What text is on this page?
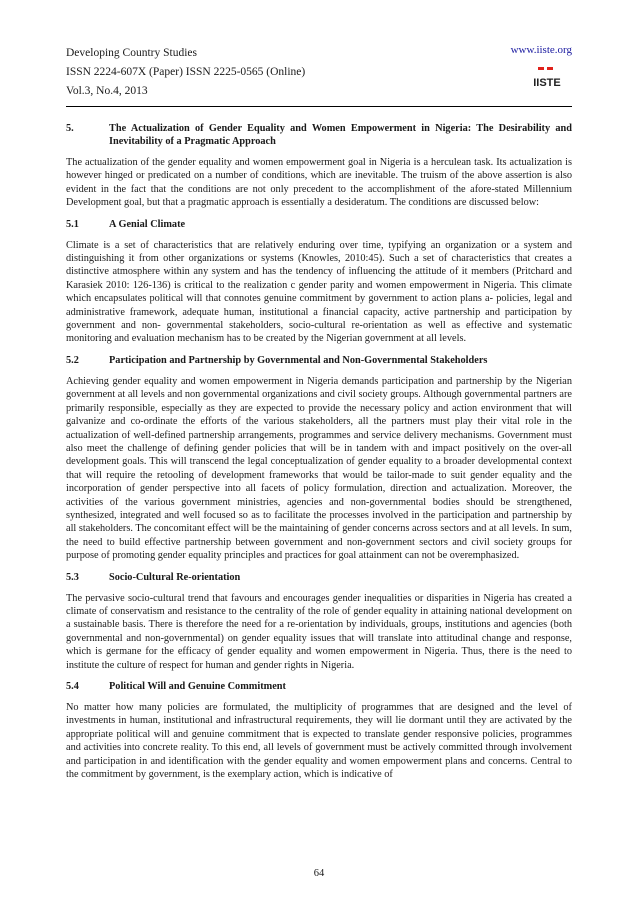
Developing Country Studies
ISSN 2224-607X (Paper) ISSN 2225-0565 (Online)
Vol.3, No.4, 2013
www.iiste.org
IISTE
5.	The Actualization of Gender Equality and Women Empowerment in Nigeria: The Desirability and Inevitability of a Pragmatic Approach

The actualization of the gender equality and women empowerment goal in Nigeria is a herculean task. Its actualization is however hinged or predicated on a number of conditions, which are inevitable. The truism of the above assertion is also evident in the fact that the conditions are not only precedent to the accomplishment of the afore-stated Millennium Development goal, but that a pragmatic approach is essentially a desideratum. The conditions are discussed below:

5.1	A Genial Climate

Climate is a set of characteristics that are relatively enduring over time, typifying an organization or a system and distinguishing it from other organizations or systems (Knowles, 2010:45). Such a set of characteristics that creates a distinctive atmosphere within any system and has the tendency of influencing the attitude of it members (Pritchard and Karasiek 2010: 126-136) is critical to the realization c gender parity and women empowerment in Nigeria. This climate which encapsulates political will that connotes genuine commitment by government to action plans a- policies, legal and administrative framework, adequate human, institutional a financial capacity, active partnership and participation by government and non- governmental stakeholders, socio-cultural re-orientation as well as effective and systematic monitoring and evaluation mechanism has to be created by the Nigerian government at all levels.

5.2	Participation and Partnership by Governmental and Non-Governmental Stakeholders

Achieving gender equality and women empowerment in Nigeria demands participation and partnership by the Nigerian government at all levels and non governmental organizations and civil society groups. Although governmental partners are primarily responsible, especially as they are expected to provide the necessary policy and action environment that will galvanize and co-ordinate the efforts of the various stakeholders, all the partners must play their vital role in the actualization of well-defined partnership arrangements, programmes and service delivery mechanisms. Government must also meet the challenge of defining gender policies that will be in tandem with and impact positively on the over-all development goals. This will transcend the legal conceptualization of gender equality to a broader developmental context that will require the retooling of development frameworks that would be tailor-made to suit gender equality and the incorporation of gender perspective into all facets of policy formulation, direction and actualization. Moreover, the activities of the various government ministries, agencies and non-governmental bodies should be strengthened, synthesized, integrated and well focused so as to facilitate the processes involved in the participation and partnership by all stakeholders. The concomitant effect will be the maintaining of gender concerns across sectors and at all levels. In sum, the need to build effective partnership between government and non-government sectors and civil society groups for purpose of promoting gender equality principles and practices for goal attainment can not be overemphasized.

5.3	Socio-Cultural Re-orientation

The pervasive socio-cultural trend that favours and encourages gender inequalities or disparities in Nigeria has created a climate of conservatism and resistance to the centrality of the role of gender equality in attaining national development on a sustainable basis. There is therefore the need for a re-orientation by individuals, groups, institutions and agencies (both governmental and non-governmental) on gender equality issues that will translate into attitudinal change and response, which is germane for the efficacy of gender equality and women empowerment in Nigeria. Thus, there is the need to institute the culture of respect for human and gender rights in Nigeria.

5.4	Political Will and Genuine Commitment

No matter how many policies are formulated, the multiplicity of programmes that are designed and the level of investments in human, institutional and infrastructural requirements, they will lie dormant until they are activated by the appropriate political will and genuine commitment that is expected to translate gender responsive policies, programmes and activities into concrete reality. To this end, all levels of government must be actively committed through involvement and participation in and identification with the gender equality and women empowerment plans and concerns. Central to the commitment by government, is the exemplary action, which is indicative of

64
